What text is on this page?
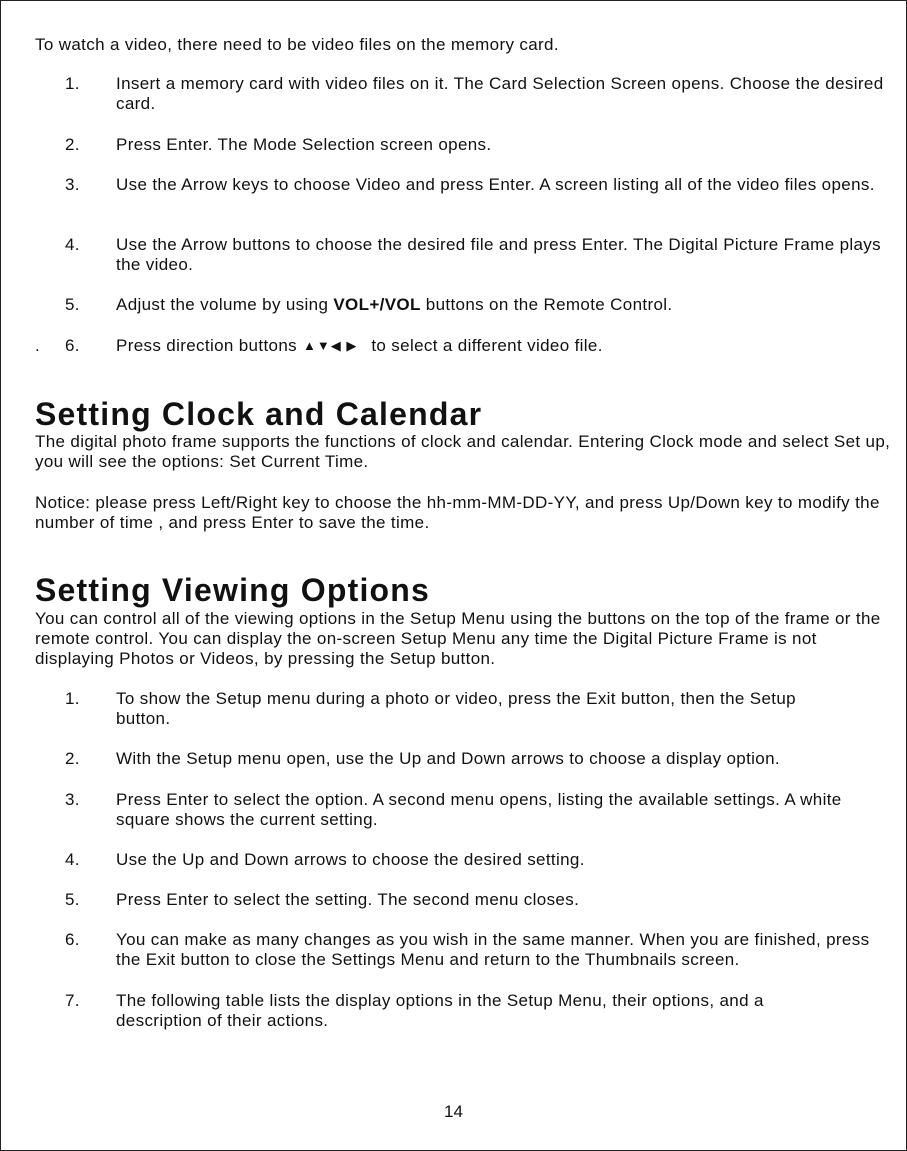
To watch a video, there need to be video files on the memory card.

1.	Insert a memory card with video files on it. The Card Selection Screen opens. Choose the desired card.
2.	Press Enter. The Mode Selection screen opens.
3.	Use the Arrow keys to choose Video and press Enter. A screen listing all of the video files opens.
4.	Use the Arrow buttons to choose the desired file and press Enter. The Digital Picture Frame plays the video.
5.	Adjust the volume by using VOL+/VOL buttons on the Remote Control.
. 6.	Press direction buttons ▲▼◀ ▶ to select a different video file.
Setting Clock and Calendar

The digital photo frame supports the functions of clock and calendar. Entering Clock mode and select Set up, you will see the options: Set Current Time.

Notice: please press Left/Right key to choose the hh-mm-MM-DD-YY, and press Up/Down key to modify the number of time , and press Enter to save the time.

Setting Viewing Options

You can control all of the viewing options in the Setup Menu using the buttons on the top of the frame or the remote control. You can display the on-screen Setup Menu any time the Digital Picture Frame is not displaying Photos or Videos, by pressing the Setup button.

1.	To show the Setup menu during a photo or video, press the Exit button, then the Setup button.
2.	With the Setup menu open, use the Up and Down arrows to choose a display option.
3.	Press Enter to select the option. A second menu opens, listing the available settings. A white square shows the current setting.
4.	Use the Up and Down arrows to choose the desired setting.
5.	Press Enter to select the setting. The second menu closes.
6.	You can make as many changes as you wish in the same manner. When you are finished, press the Exit button to close the Settings Menu and return to the Thumbnails screen.
7.	The following table lists the display options in the Setup Menu, their options, and a description of their actions.
14
